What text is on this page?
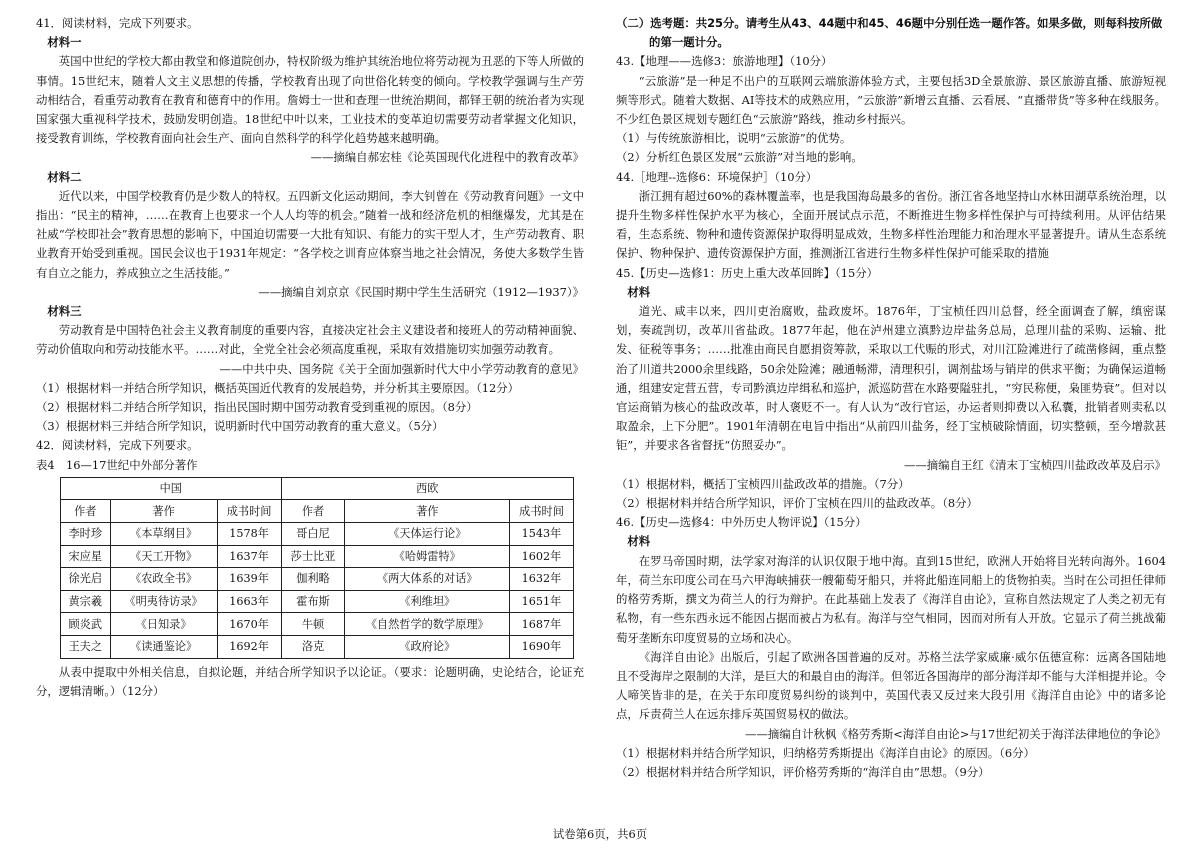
41．阅读材料，完成下列要求。
材料一
英国中世纪的学校大都由教堂和修道院创办，特权阶级为维护其统治地位将劳动视为丑恶的下等人所做的事情。15世纪末，随着人文主义思想的传播，学校教育出现了向世俗化转变的倾向。学校教学强调与生产劳动相结合，看重劳动教育在教育和德育中的作用。詹姆士一世和查理一世统治期间，都铎王朝的统治者为实现国家强大重视科学技术，鼓励发明创造。18世纪中叶以来，工业技术的变革迫切需要劳动者掌握文化知识，接受教育训练，学校教育面向社会生产、面向自然科学的科学化趋势越来越明确。
——摘编自郝宏桂《论英国现代化进程中的教育改革》
材料二
近代以来，中国学校教育仍是少数人的特权。五四新文化运动期间，李大钊曾在《劳动教育问题》一文中指出：“民主的精神，……在教育上也要求一个人人均等的机会。”随着一战和经济危机的相继爆发，尤其是在社威“学校即社会”教育思想的影响下，中国迫切需要一大批有知识、有能力的实干型人才，生产劳动教育、职业教育开始受到重视。国民会议也于1931年规定：“各学校之训育应体察当地之社会情况，务使大多数学生皆有自立之能力，养成独立之生活技能。”
——摘编自刘京京《民国时期中学生生活研究（1912—1937）》
材料三
劳动教育是中国特色社会主义教育制度的重要内容，直接决定社会主义建设者和接班人的劳动精神面貌、劳动价值取向和劳动技能水平。……对此，全党全社会必须高度重视，采取有效措施切实加强劳动教育。
——中共中央、国务院《关于全面加强新时代大中小学劳动教育的意见》
（1）根据材料一并结合所学知识，概括英国近代教育的发展趋势，并分析其主要原因。（12分）
（2）根据材料二并结合所学知识，指出民国时期中国劳动教育受到重视的原因。（8分）
（3）根据材料三并结合所学知识，说明新时代中国劳动教育的重大意义。（5分）
42．阅读材料，完成下列要求。
表4　16—17世纪中外部分著作
中国			西欧		
作者	著作	成书时间	作者	著作	成书时间
李时珍	《本草纲目》	1578年	哥白尼	《天体运行论》	1543年
宋应星	《天工开物》	1637年	莎士比亚	《哈姆雷特》	1602年
徐光启	《农政全书》	1639年	伽利略	《两大体系的对话》	1632年
黄宗羲	《明夷待访录》	1663年	霍布斯	《利维坦》	1651年
顾炎武	《日知录》	1670年	牛顿	《自然哲学的数学原理》	1687年
王夫之	《读通鉴论》	1692年	洛克	《政府论》	1690年
从表中提取中外相关信息，自拟论题，并结合所学知识予以论证。（要求：论题明确，史论结合，论证充分，逻辑清晰。）（12分）
（二）选考题：共25分。请考生从43、44题中和45、46题中分别任选一题作答。如果多做，则每科按所做的第一题计分。
43.【地理——选修3：旅游地理】（10分）
“云旅游”是一种足不出户的互联网云端旅游体验方式，主要包括3D全景旅游、景区旅游直播、旅游短视频等形式。随着大数据、AI等技术的成熟应用，“云旅游”新增云直播、云看展、“直播带货”等多种在线服务。不少红色景区规划专题红色“云旅游”路线，推动乡村振兴。
（1）与传统旅游相比，说明“云旅游”的优势。
（2）分析红色景区发展“云旅游”对当地的影响。
44.［地理--选修6：环境保护］（10分）
浙江拥有超过60%的森林覆盖率，也是我国海岛最多的省份。浙江省各地坚持山水林田湖草系统治理，以提升生物多样性保护水平为核心，全面开展试点示范，不断推进生物多样性保护与可持续利用。从评估结果看，生态系统、物种和遗传资源保护取得明显成效，生物多样性治理能力和治理水平显著提升。请从生态系统保护、物种保护、遗传资源保护方面，推测浙江省进行生物多样性保护可能采取的措施
45.【历史—选修1：历史上重大改革回眸】（15分）
材料
道光、咸丰以来，四川吏治腐败，盐政废坏。1876年，丁宝桢任四川总督，经全面调查了解，缜密谋划，奏疏剀切，改革川省盐政。1877年起，他在泸州建立滇黔边岸盐务总局，总理川盐的采购、运输、批发、征税等事务；……批准由商民自愿捐资筹款，采取以工代赈的形式，对川江险滩进行了疏凿修阔，重点整治了川道共2000余里线路，50余处险滩；融通畅滞，清理积引，调剂盐场与销岸的供求平衡；为确保运道畅通，组建安定营五营，专司黔滇边岸缉私和巡护，派巡防营在水路要隘驻扎，“穷民称便，枭匪势衰”。但对以官运商销为核心的盐政改革，时人褒贬不一。有人认为“改行官运，办运者则抑费以入私囊，批销者则卖私以取盈余，上下分肥”。1901年清朝在电旨中指出“从前四川盐务，经丁宝桢破除情面，切实整顿，至今增款甚钜”，并要求各省督抚“仿照妥办”。
——摘编自王红《清末丁宝桢四川盐政改革及启示》
（1）根据材料，概括丁宝桢四川盐政改革的措施。（7分）
（2）根据材料并结合所学知识，评价丁宝桢在四川的盐政改革。（8分）
46.【历史—选修4：中外历史人物评说】（15分）
材料
在罗马帝国时期，法学家对海洋的认识仅限于地中海。直到15世纪，欧洲人开始将目光转向海外。1604年，荷兰东印度公司在马六甲海峡捕获一艘葡萄牙船只，并将此船连同船上的货物拍卖。当时在公司担任律师的格劳秀斯，撰文为荷兰人的行为辩护。在此基础上发表了《海洋自由论》，宣称自然法规定了人类之初无有私物，有一些东西永远不能因占据而被占为私有。海洋与空气相同，因而对所有人开放。它显示了荷兰挑战葡萄牙垄断东印度贸易的立场和决心。
《海洋自由论》出版后，引起了欧洲各国普遍的反对。苏格兰法学家威廉·威尔伍德宣称：远离各国陆地且不受海岸之限制的大洋，是巨大的和最自由的海洋。但邻近各国海岸的部分海洋却不能与大洋相提并论。令人啼笑皆非的是，在关于东印度贸易纠纷的谈判中，英国代表又反过来大段引用《海洋自由论》中的诸多论点，斥责荷兰人在远东排斥英国贸易权的做法。
——摘编自计秋枫《格劳秀斯<海洋自由论>与17世纪初关于海洋法律地位的争论》
（1）根据材料并结合所学知识，归纳格劳秀斯提出《海洋自由论》的原因。（6分）
（2）根据材料并结合所学知识，评价格劳秀斯的“海洋自由”思想。（9分）
试卷第6页，共6页
